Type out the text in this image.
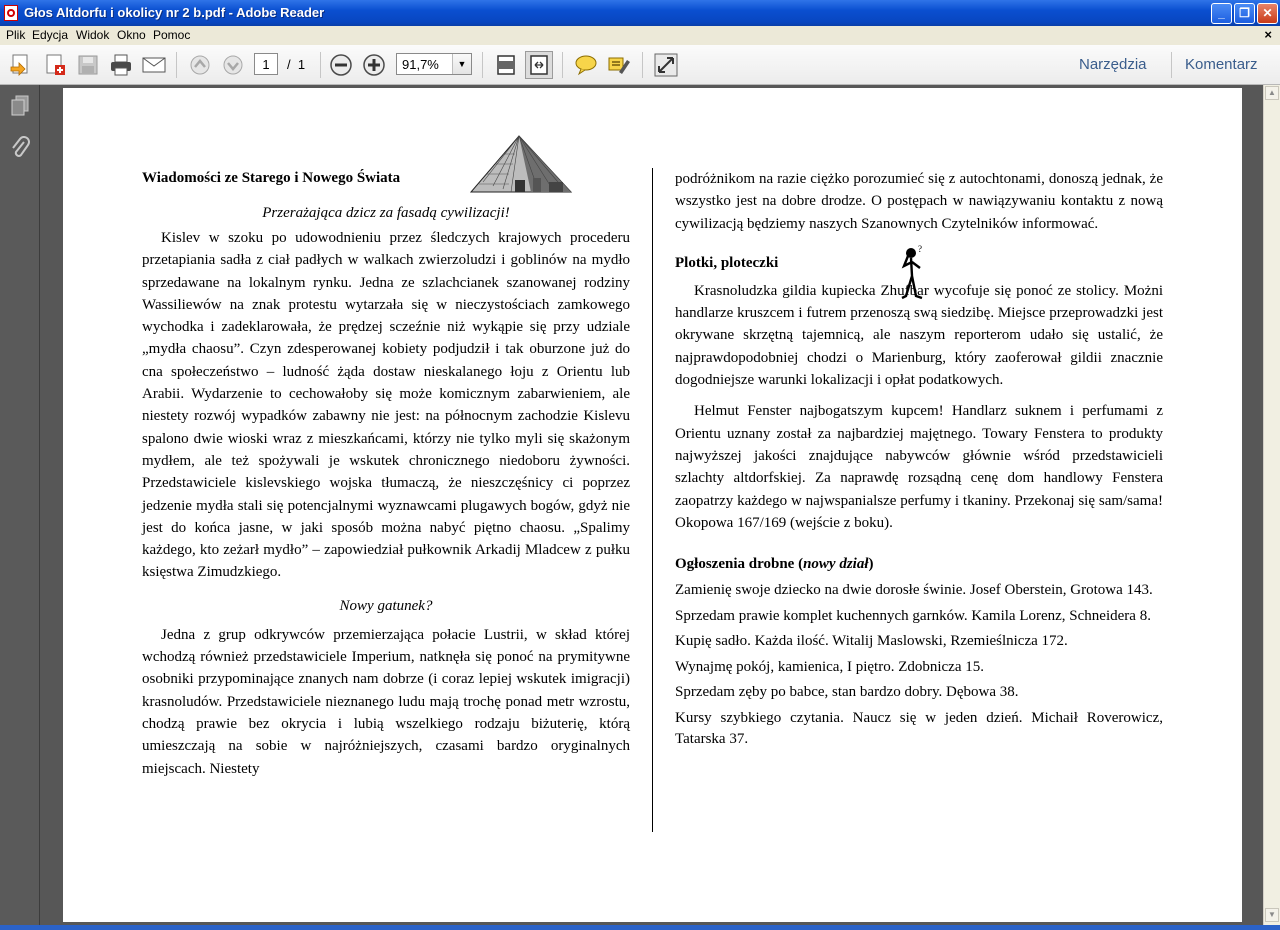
Głos Altdorfu i okolicy nr 2 b.pdf - Adobe Reader	_	❐	✕
Plik Edycja Widok Okno Pomoc	×
1	/ 1	91,7%	▼	Narzędzia	Komentarz
▲
▼
?
Wiadomości ze Starego i Nowego Świata
Przerażająca dzicz za fasadą cywilizacji!

Kislev w szoku po udowodnieniu przez śledczych krajowych procederu przetapiania sadła z ciał padłych w walkach zwierzoludzi i goblinów na mydło sprzedawane na lokalnym rynku. Jedna ze szlachcianek szanowanej rodziny Wassiliewów na znak protestu wytarzała się w nieczystościach zamkowego wychodka i zadeklarowała, że prędzej sczeźnie niż wykąpie się przy udziale „mydła chaosu”. Czyn zdesperowanej kobiety podjudził i tak oburzone już do cna społeczeństwo – ludność żąda dostaw nieskalanego łoju z Orientu lub Arabii. Wydarzenie to cechowałoby się może komicznym zabarwieniem, ale niestety rozwój wypadków zabawny nie jest: na północnym zachodzie Kislevu spalono dwie wioski wraz z mieszkańcami, którzy nie tylko myli się skażonym mydłem, ale też spożywali je wskutek chronicznego niedoboru żywności. Przedstawiciele kislevskiego wojska tłumaczą, że nieszczęśnicy ci poprzez jedzenie mydła stali się potencjalnymi wyznawcami plugawych bogów, gdyż nie jest do końca jasne, w jaki sposób można nabyć piętno chaosu. „Spalimy każdego, kto zeżarł mydło” – zapowiedział pułkownik Arkadij Mladcew z pułku księstwa Zimudzkiego.

Nowy gatunek?

Jedna z grup odkrywców przemierzająca połacie Lustrii, w skład której wchodzą również przedstawiciele Imperium, natknęła się ponoć na prymitywne osobniki przypominające znanych nam dobrze (i coraz lepiej wskutek imigracji) krasnoludów. Przedstawiciele nieznanego ludu mają trochę ponad metr wzrostu, chodzą prawie bez okrycia i lubią wszelkiego rodzaju biżuterię, którą umieszczają na sobie w najróżniejszych, czasami bardzo oryginalnych miejscach. Niestety

podróżnikom na razie ciężko porozumieć się z autochtonami, donoszą jednak, że wszystko jest na dobre drodze. O postępach w nawiązywaniu kontaktu z nową cywilizacją będziemy naszych Szanownych Czytelników informować.

Plotki, ploteczki

Krasnoludzka gildia kupiecka Zhufbar wycofuje się ponoć ze stolicy. Możni handlarze kruszcem i futrem przenoszą swą siedzibę. Miejsce przeprowadzki jest okrywane skrzętną tajemnicą, ale naszym reporterom udało się ustalić, że najprawdopodobniej chodzi o Marienburg, który zaoferował gildii znacznie dogodniejsze warunki lokalizacji i opłat podatkowych.

Helmut Fenster najbogatszym kupcem! Handlarz suknem i perfumami z Orientu uznany został za najbardziej majętnego. Towary Fenstera to produkty najwyższej jakości znajdujące nabywców głównie wśród przedstawicieli szlachty altdorfskiej. Za naprawdę rozsądną cenę dom handlowy Fenstera zaopatrzy każdego w najwspanialsze perfumy i tkaniny. Przekonaj się sam/sama! Okopowa 167/169 (wejście z boku).

Ogłoszenia drobne (nowy dział)

Zamienię swoje dziecko na dwie dorosłe świnie. Josef Oberstein, Grotowa 143.

Sprzedam prawie komplet kuchennych garnków. Kamila Lorenz, Schneidera 8.

Kupię sadło. Każda ilość. Witalij Maslowski, Rzemieślnicza 172.

Wynajmę pokój, kamienica, I piętro. Zdobnicza 15.

Sprzedam zęby po babce, stan bardzo dobry. Dębowa 38.

Kursy szybkiego czytania. Naucz się w jeden dzień. Michaił Roverowicz, Tatarska 37.
